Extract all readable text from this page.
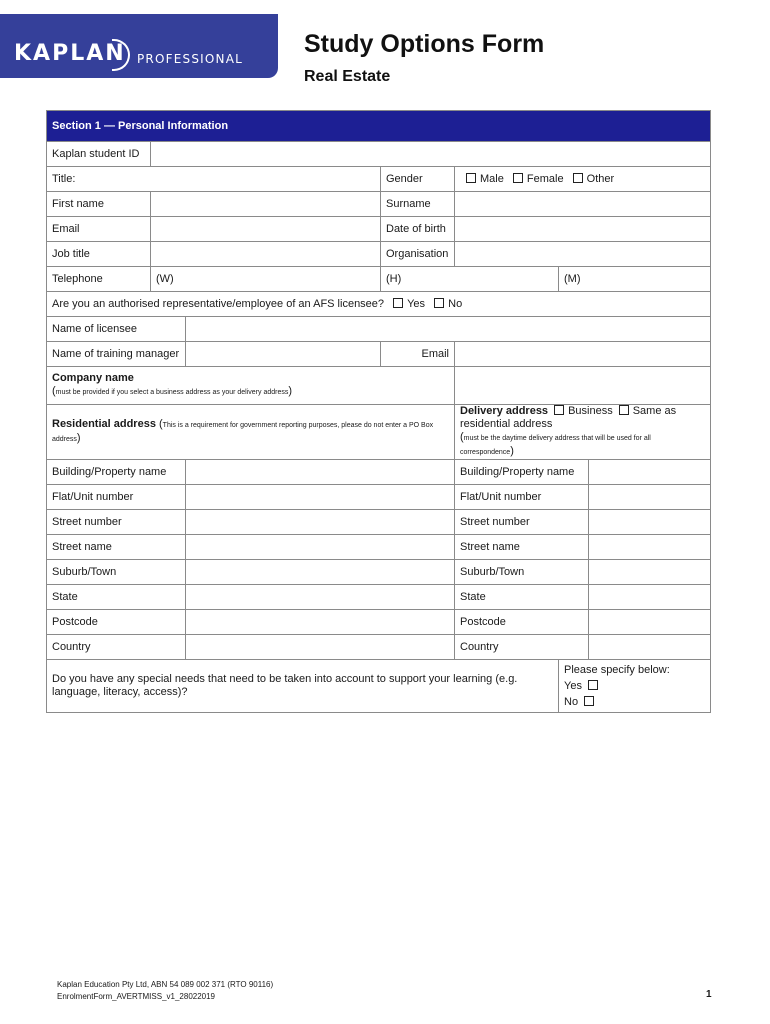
KAPLAN PROFESSIONAL
Study Options Form
Real Estate
Section 1 — Personal Information						
Kaplan student ID						
Title:			Gender	Male Female Other		
First name			Surname			
Email			Date of birth			
Job title			Organisation			
Telephone	(W)		(H)		(M)	
Are you an authorised representative/employee of an AFS licensee? Yes No						
Name of licensee						
Name of training manager			Email			

Company name
(must be provided if you select a business address as your delivery address)						

Residential address (This is a requirement for government reporting purposes, please do not enter a PO Box address)				Delivery address Business Same as residential address
(must be the daytime delivery address that will be used for all correspondence)		

Building/Property name				Building/Property name		
Flat/Unit number				Flat/Unit number		
Street number				Street number		
Street name				Street name		
Suburb/Town				Suburb/Town		
State				State		
Postcode				Postcode		
Country				Country		
Do you have any special needs that need to be taken into account to support your learning (e.g. language, literacy, access)?					Please specify below:
Yes
No	
Kaplan Education Pty Ltd, ABN 54 089 002 371 (RTO 90116)
EnrolmentForm_AVERTMISS_v1_28022019	1
